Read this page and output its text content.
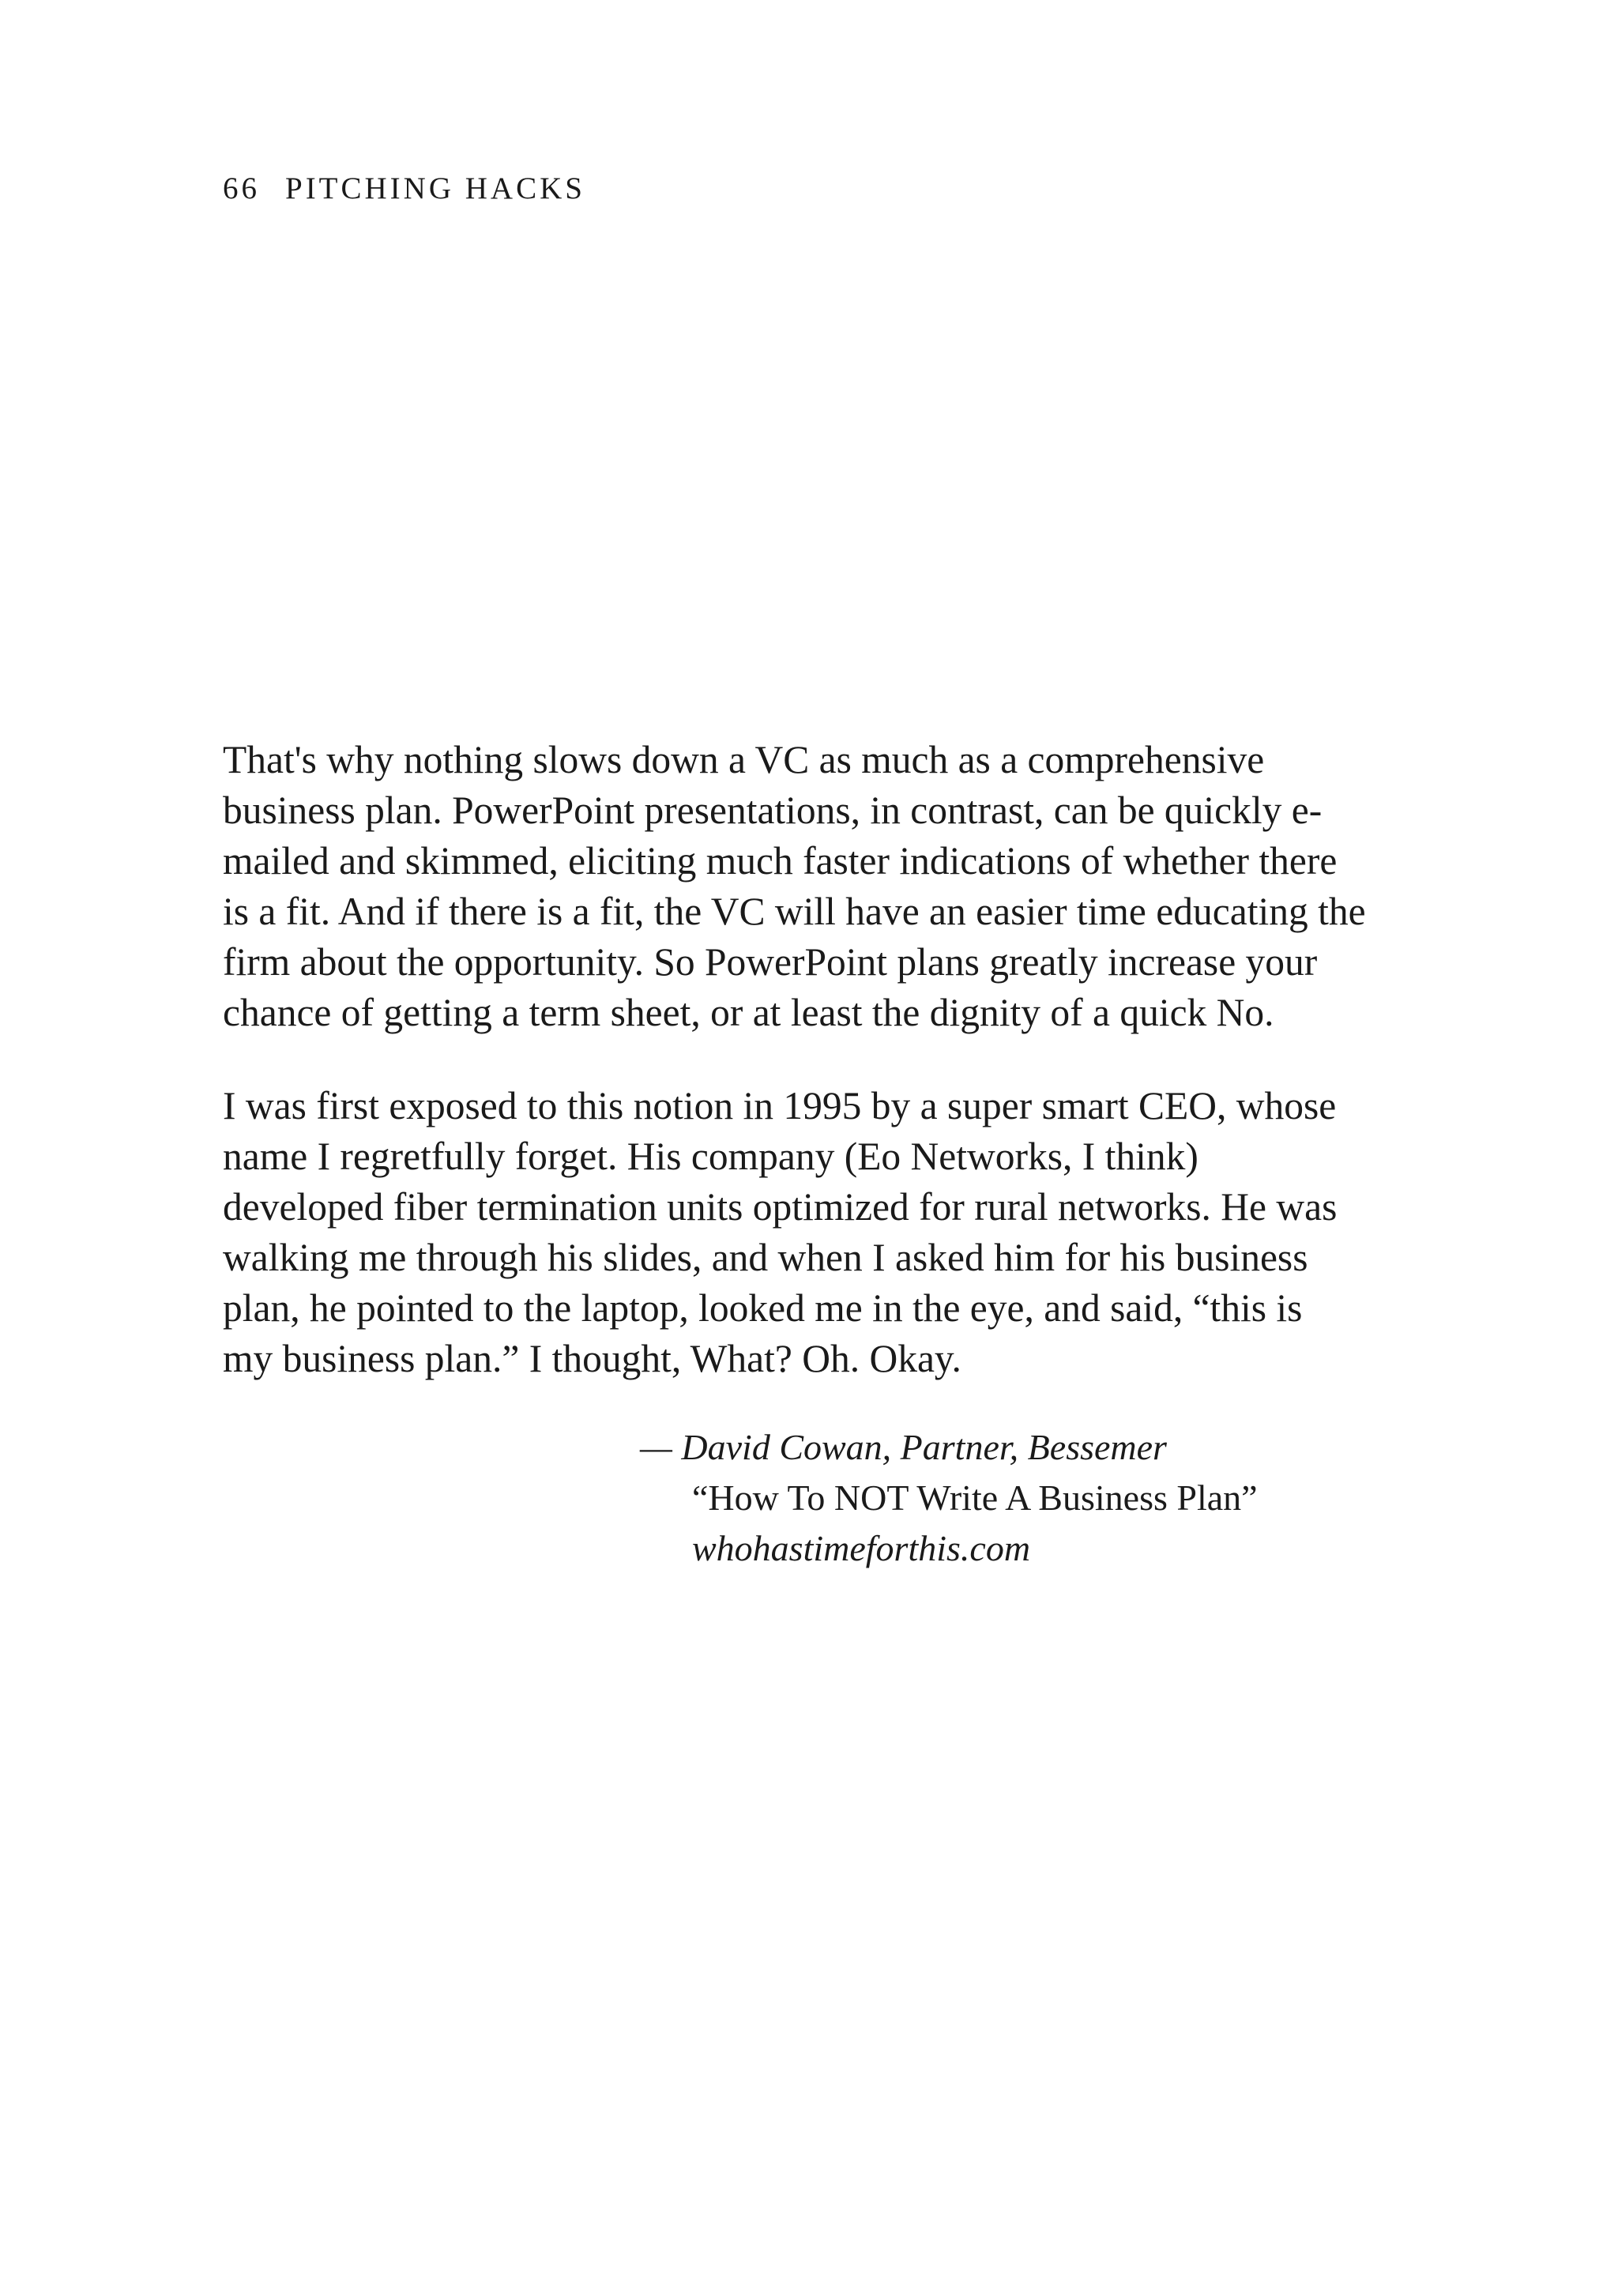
66 PITCHING HACKS

That's why nothing slows down a VC as much as a comprehensive
business plan. PowerPoint presentations, in contrast, can be quickly e-
mailed and skimmed, eliciting much faster indications of whether there
is a fit. And if there is a fit, the VC will have an easier time educating the
firm about the opportunity. So PowerPoint plans greatly increase your
chance of getting a term sheet, or at least the dignity of a quick No.

I was first exposed to this notion in 1995 by a super smart CEO, whose
name I regretfully forget. His company (Eo Networks, I think)
developed fiber termination units optimized for rural networks. He was
walking me through his slides, and when I asked him for his business
plan, he pointed to the laptop, looked me in the eye, and said, “this is
my business plan.” I thought, What? Oh. Okay.

— David Cowan, Partner, Bessemer
“How To NOT Write A Business Plan”
whohastimeforthis.com
